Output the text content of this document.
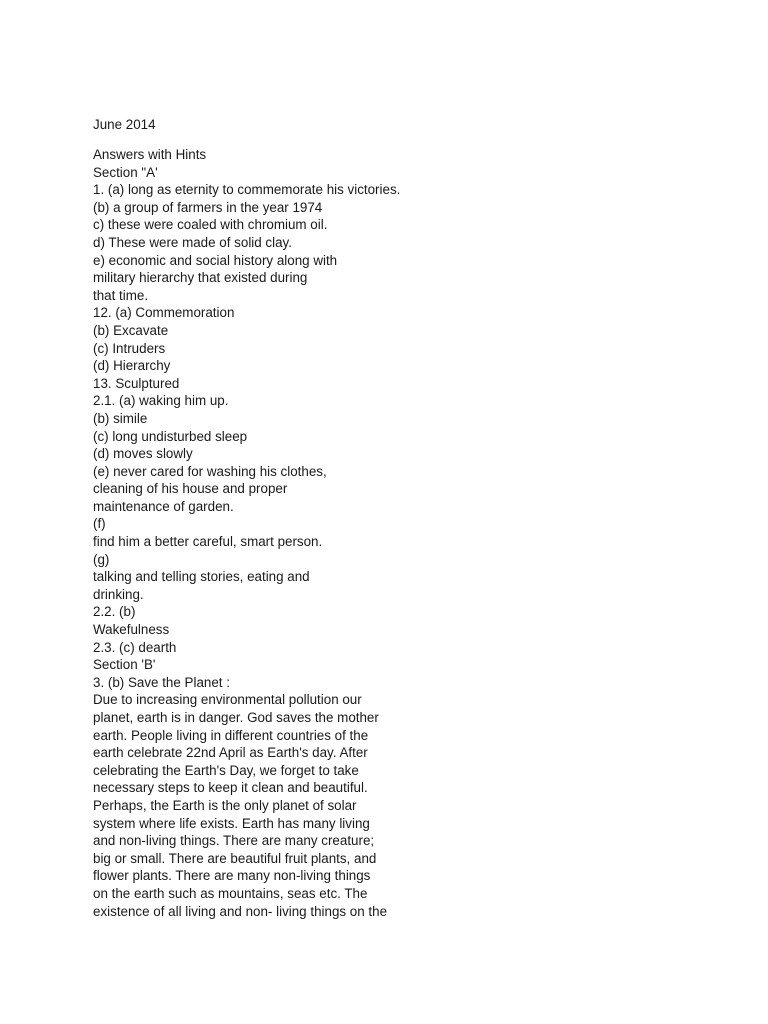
June 2014
Answers with Hints
Section "A'
1. (a) long as eternity to commemorate his victories.
(b) a group of farmers in the year 1974
c) these were coaled with chromium oil.
d) These were made of solid clay.
e) economic and social history along with
military hierarchy that existed during
that time.
12. (a) Commemoration
(b) Excavate
(c) Intruders
(d) Hierarchy
13. Sculptured
2.1. (a) waking him up.
(b) simile
(c) long undisturbed sleep
(d) moves slowly
(e) never cared for washing his clothes,
cleaning of his house and proper
maintenance of garden.
(f)
find him a better careful, smart person.
(g)
talking and telling stories, eating and
drinking.
2.2. (b)
Wakefulness
2.3. (c) dearth
Section 'B'
3. (b) Save the Planet :
Due to increasing environmental pollution our
planet, earth is in danger. God saves the mother
earth. People living in different countries of the
earth celebrate 22nd April as Earth's day. After
celebrating the Earth's Day, we forget to take
necessary steps to keep it clean and beautiful.
Perhaps, the Earth is the only planet of solar
system where life exists. Earth has many living
and non-living things. There are many creature;
big or small. There are beautiful fruit plants, and
flower plants. There are many non-living things
on the earth such as mountains, seas etc. The
existence of all living and non- living things on the
